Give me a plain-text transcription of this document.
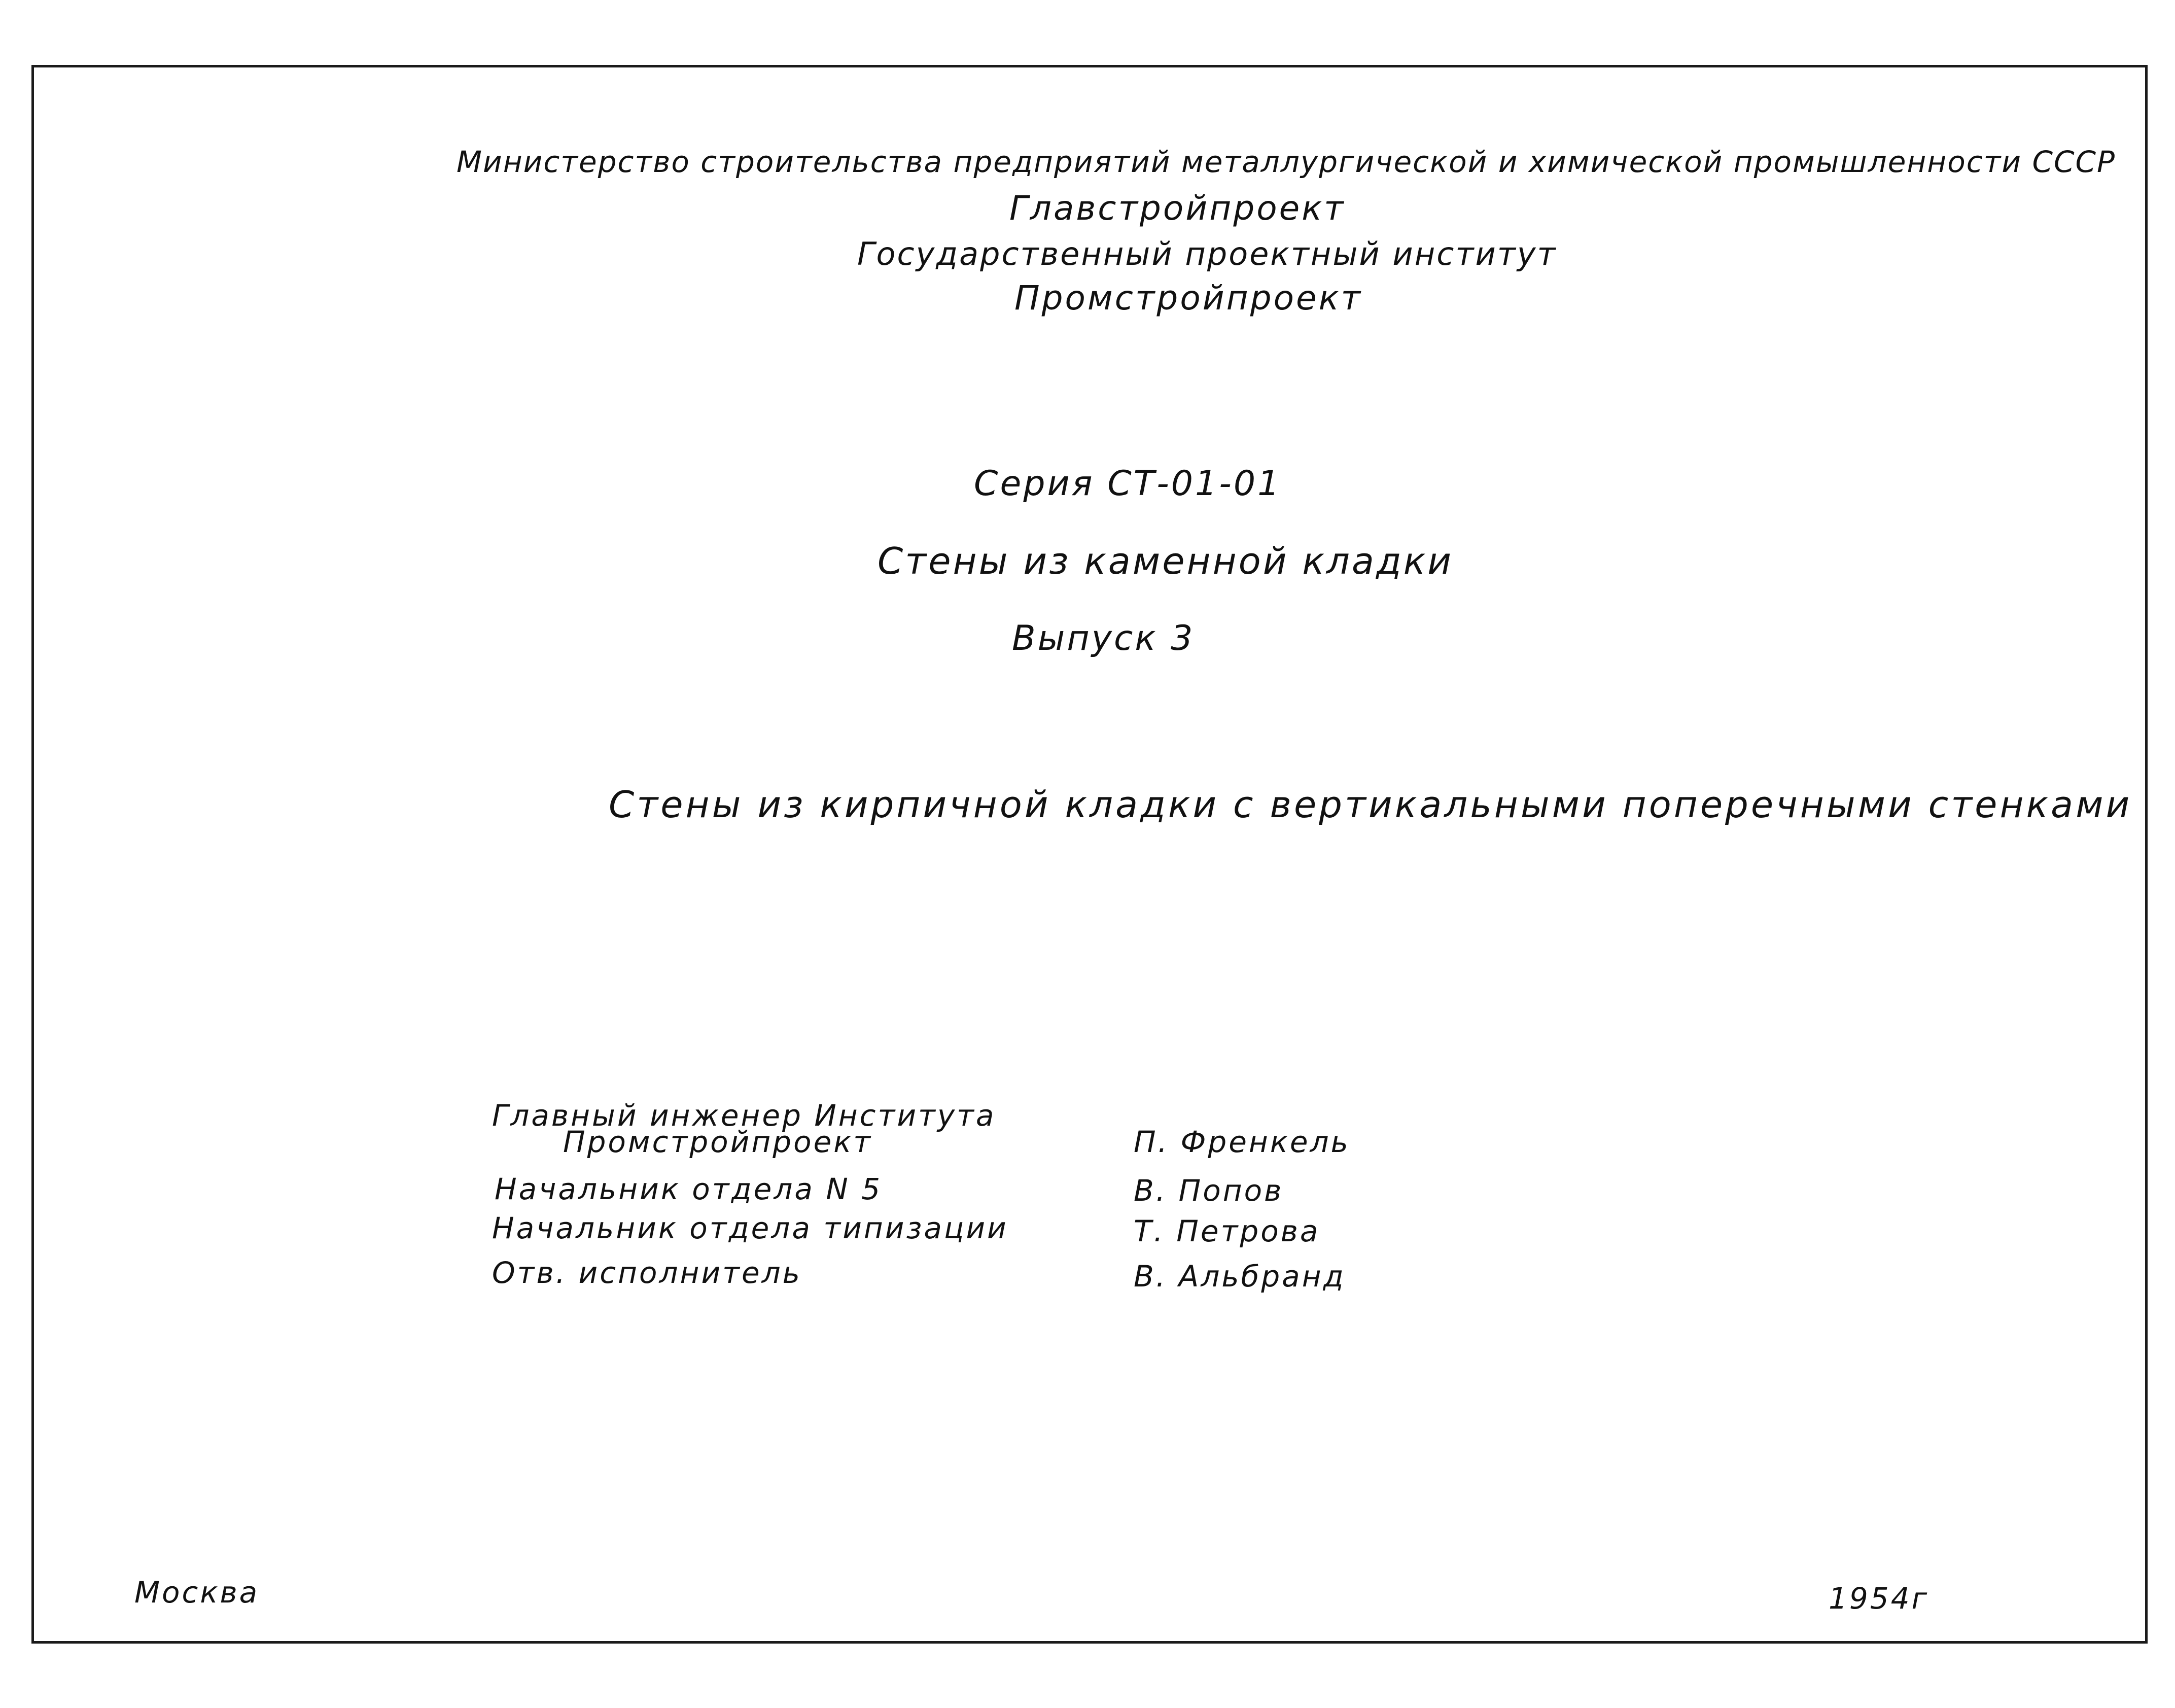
Министерство строительства предприятий металлургической и химической промышленности СССР
Главстройпроект
Государственный проектный институт
Промстройпроект
Серия СТ-01-01
Стены из каменной кладки
Выпуск 3
Стены из кирпичной кладки с вертикальными поперечными стенками
Главный инженер Института
Промстройпроект	П. Френкель
Начальник отдела N 5	В. Попов
Начальник отдела типизации	Т. Петрова
Отв. исполнитель	В. Альбранд
Москва	1954г
